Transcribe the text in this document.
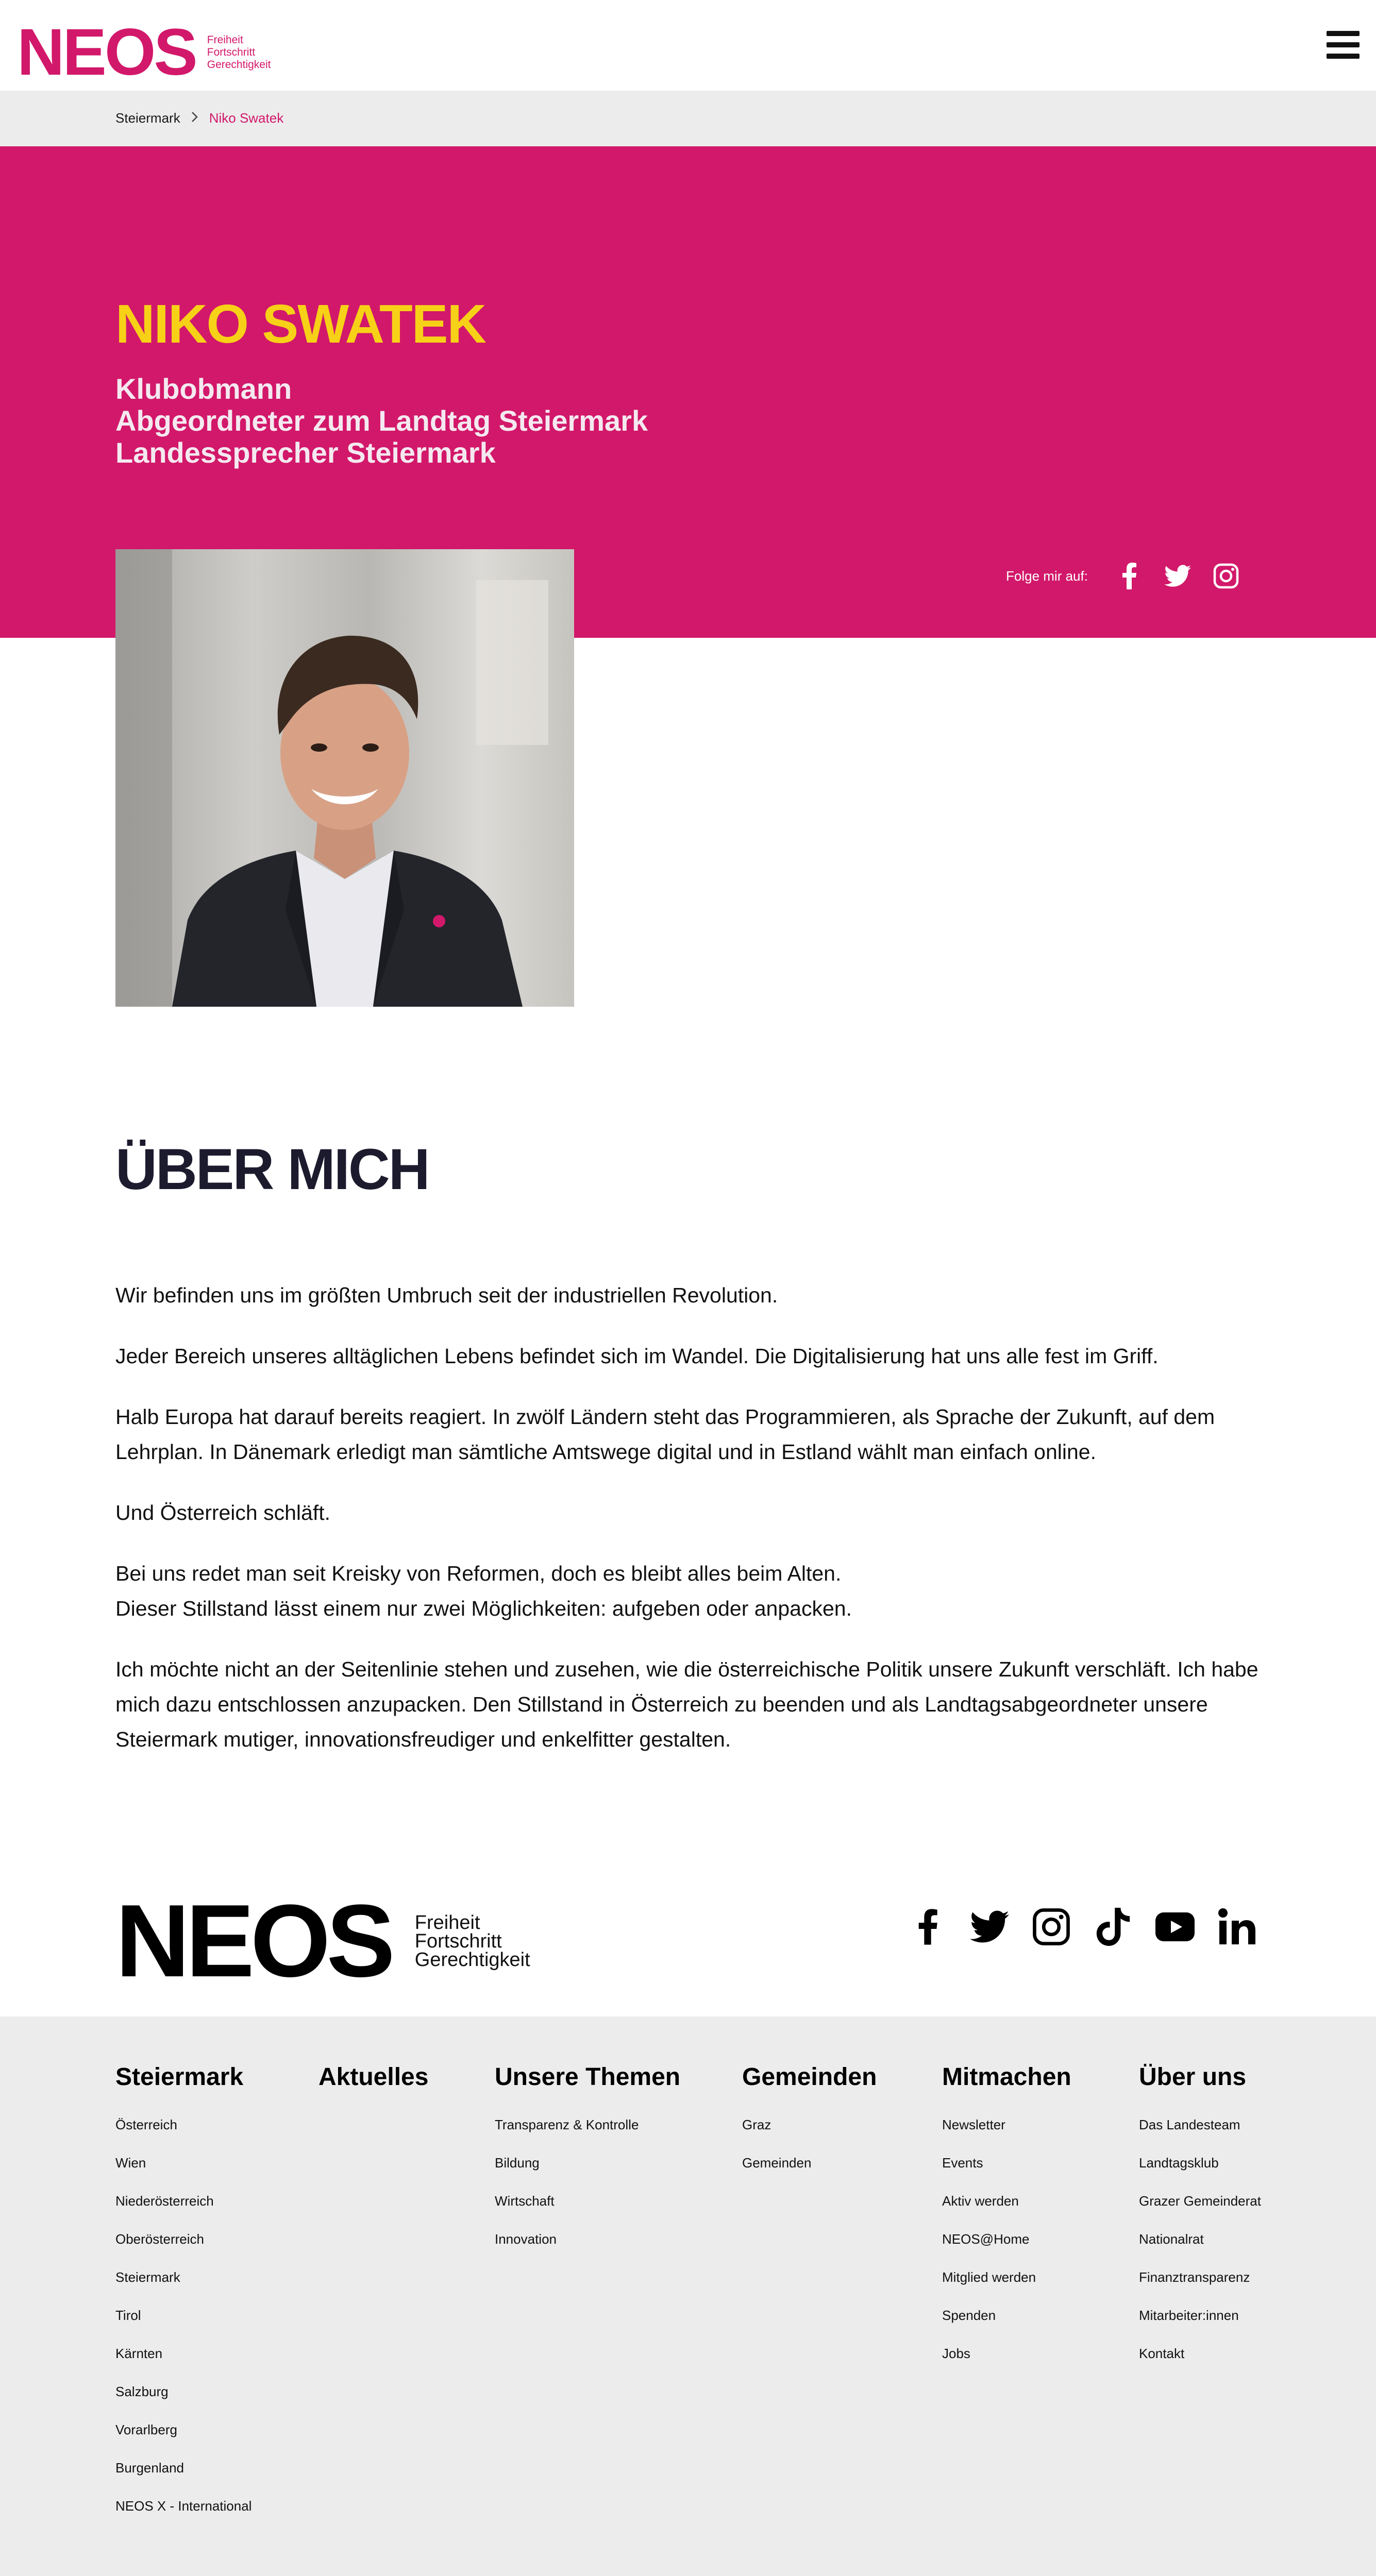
NEOS Freiheit
Fortschritt
Gerechtigkeit
Steiermark Niko Swatek
NIKO SWATEK
Klubobmann
Abgeordneter zum Landtag Steiermark
Landessprecher Steiermark
Folge mir auf:
ÜBER MICH

Wir befinden uns im größten Umbruch seit der industriellen Revolution.

Jeder Bereich unseres alltäglichen Lebens befindet sich im Wandel. Die Digitalisierung hat uns alle fest im Griff.

Halb Europa hat darauf bereits reagiert. In zwölf Ländern steht das Programmieren, als Sprache der Zukunft, auf dem Lehrplan. In Dänemark erledigt man sämtliche Amtswege digital und in Estland wählt man einfach online.

Und Österreich schläft.

Bei uns redet man seit Kreisky von Reformen, doch es bleibt alles beim Alten.
Dieser Stillstand lässt einem nur zwei Möglichkeiten: aufgeben oder anpacken.

Ich möchte nicht an der Seitenlinie stehen und zusehen, wie die österreichische Politik unsere Zukunft verschläft. Ich habe mich dazu entschlossen anzupacken. Den Stillstand in Österreich zu beenden und als Landtagsabgeordneter unsere Steiermark mutiger, innovationsfreudiger und enkelfitter gestalten.

NEOS Freiheit
Fortschritt
Gerechtigkeit
Steiermark
Österreich
Wien
Niederösterreich
Oberösterreich
Steiermark
Tirol
Kärnten
Salzburg
Vorarlberg
Burgenland
NEOS X - International
Aktuelles	Unsere Themen
Transparenz & Kontrolle
Bildung
Wirtschaft
Innovation
Gemeinden
Graz
Gemeinden
Mitmachen
Newsletter
Events
Aktiv werden
NEOS@Home
Mitglied werden
Spenden
Jobs
Über uns
Das Landesteam
Landtagsklub
Grazer Gemeinderat
Nationalrat
Finanztransparenz
Mitarbeiter:innen
Kontakt
